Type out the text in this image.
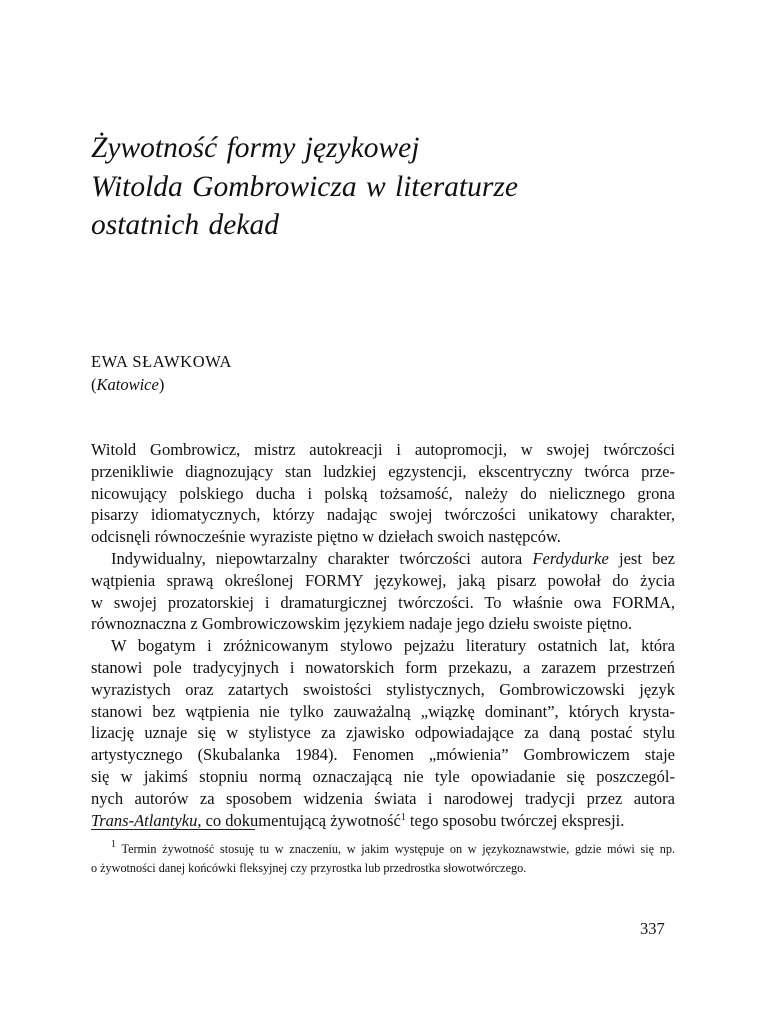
Żywotność formy językowej
Witolda Gombrowicza w literaturze
ostatnich dekad
EWA SŁAWKOWA
(Katowice)
Witold Gombrowicz, mistrz autokreacji i autopromocji, w swojej twórczości
przenikliwie diagnozujący stan ludzkiej egzystencji, ekscentryczny twórca prze-
nicowujący polskiego ducha i polską tożsamość, należy do nielicznego grona
pisarzy idiomatycznych, którzy nadając swojej twórczości unikatowy charakter,
odcisnęli równocześnie wyraziste piętno w dziełach swoich następców.
Indywidualny, niepowtarzalny charakter twórczości autora Ferdydurke jest bez
wątpienia sprawą określonej FORMY językowej, jaką pisarz powołał do życia
w swojej prozatorskiej i dramaturgicznej twórczości. To właśnie owa FORMA,
równoznaczna z Gombrowiczowskim językiem nadaje jego dziełu swoiste piętno.
W bogatym i zróżnicowanym stylowo pejzażu literatury ostatnich lat, która
stanowi pole tradycyjnych i nowatorskich form przekazu, a zarazem przestrzeń
wyrazistych oraz zatartych swoistości stylistycznych, Gombrowiczowski język
stanowi bez wątpienia nie tylko zauważalną „wiązkę dominant”, których krysta-
lizację uznaje się w stylistyce za zjawisko odpowiadające za daną postać stylu
artystycznego (Skubalanka 1984). Fenomen „mówienia” Gombrowiczem staje
się w jakimś stopniu normą oznaczającą nie tyle opowiadanie się poszczegól-
nych autorów za sposobem widzenia świata i narodowej tradycji przez autora
Trans-Atlantyku, co dokumentującą żywotność$^1$ tego sposobu twórczej ekspresji.
$^1$ Termin żywotność stosuję tu w znaczeniu, w jakim występuje on w językoznawstwie, gdzie mówi się np.
o żywotności danej końcówki fleksyjnej czy przyrostka lub przedrostka słowotwórczego.
337
